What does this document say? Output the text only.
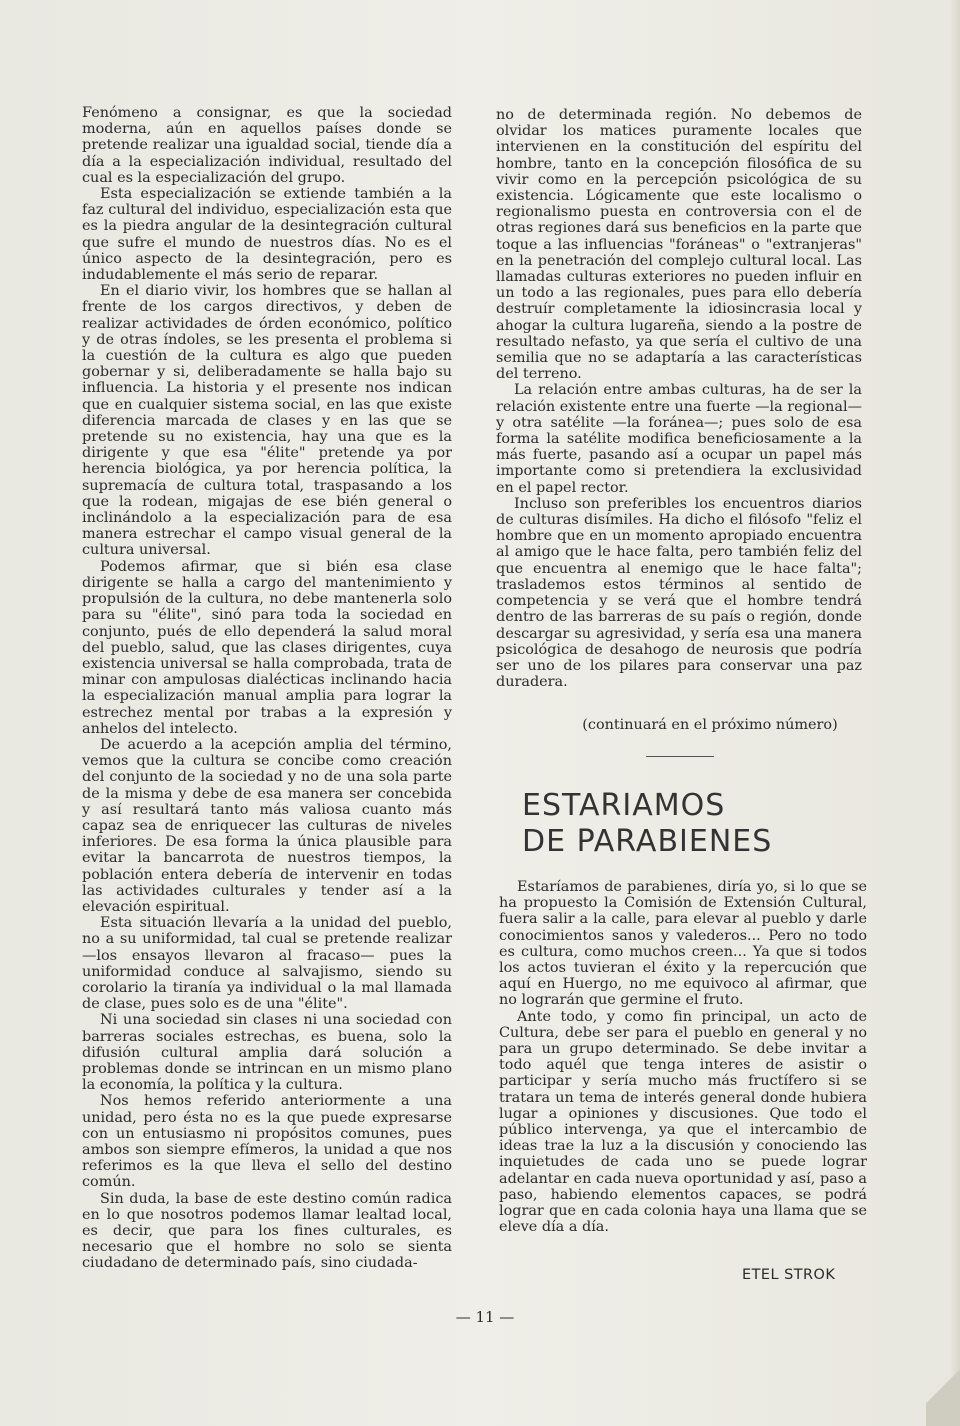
Fenómeno a consignar, es que la sociedad moderna, aún en aquellos países donde se pretende realizar una igualdad social, tiende día a día a la especialización individual, resultado del cual es la especialización del grupo.

Esta especialización se extiende también a la faz cultural del individuo, especialización esta que es la piedra angular de la desintegración cultural que sufre el mundo de nuestros días. No es el único aspecto de la desintegración, pero es indudablemente el más serio de reparar.

En el diario vivir, los hombres que se hallan al frente de los cargos directivos, y deben de realizar actividades de órden económico, político y de otras índoles, se les presenta el problema si la cuestión de la cultura es algo que pueden gobernar y si, deliberadamente se halla bajo su influencia. La historia y el presente nos indican que en cualquier sistema social, en las que existe diferencia marcada de clases y en las que se pretende su no existencia, hay una que es la dirigente y que esa "élite" pretende ya por herencia biológica, ya por herencia política, la supremacía de cultura total, traspasando a los que la rodean, migajas de ese bién general o inclinándolo a la especialización para de esa manera estrechar el campo visual general de la cultura universal.

Podemos afirmar, que si bién esa clase dirigente se halla a cargo del mantenimiento y propulsión de la cultura, no debe mantenerla solo para su "élite", sinó para toda la sociedad en conjunto, pués de ello dependerá la salud moral del pueblo, salud, que las clases dirigentes, cuya existencia universal se halla comprobada, trata de minar con ampulosas dialécticas inclinando hacia la especialización manual amplia para lograr la estrechez mental por trabas a la expresión y anhelos del intelecto.

De acuerdo a la acepción amplia del término, vemos que la cultura se concibe como creación del conjunto de la sociedad y no de una sola parte de la misma y debe de esa manera ser concebida y así resultará tanto más valiosa cuanto más capaz sea de enriquecer las culturas de niveles inferiores. De esa forma la única plausible para evitar la bancarrota de nuestros tiempos, la población entera debería de intervenir en todas las actividades culturales y tender así a la elevación espiritual.

Esta situación llevaría a la unidad del pueblo, no a su uniformidad, tal cual se pretende realizar —los ensayos llevaron al fracaso— pues la uniformidad conduce al salvajismo, siendo su corolario la tiranía ya individual o la mal llamada de clase, pues solo es de una "élite".

Ni una sociedad sin clases ni una sociedad con barreras sociales estrechas, es buena, solo la difusión cultural amplia dará solución a problemas donde se intrincan en un mismo plano la economía, la política y la cultura.

Nos hemos referido anteriormente a una unidad, pero ésta no es la que puede expresarse con un entusiasmo ni propósitos comunes, pues ambos son siempre efímeros, la unidad a que nos referimos es la que lleva el sello del destino común.

Sin duda, la base de este destino común radica en lo que nosotros podemos llamar lealtad local, es decir, que para los fines culturales, es necesario que el hombre no solo se sienta ciudadano de determinado país, sino ciudada-

no de determinada región. No debemos de olvidar los matices puramente locales que intervienen en la constitución del espíritu del hombre, tanto en la concepción filosófica de su vivir como en la percepción psicológica de su existencia. Lógicamente que este localismo o regionalismo puesta en controversia con el de otras regiones dará sus beneficios en la parte que toque a las influencias "foráneas" o "extranjeras" en la penetración del complejo cultural local. Las llamadas culturas exteriores no pueden influir en un todo a las regionales, pues para ello debería destruír completamente la idiosincrasia local y ahogar la cultura lugareña, siendo a la postre de resultado nefasto, ya que sería el cultivo de una semilia que no se adaptaría a las características del terreno.

La relación entre ambas culturas, ha de ser la relación existente entre una fuerte —la regional— y otra satélite —la foránea—; pues solo de esa forma la satélite modifica beneficiosamente a la más fuerte, pasando así a ocupar un papel más importante como si pretendiera la exclusividad en el papel rector.

Incluso son preferibles los encuentros diarios de culturas disímiles. Ha dicho el filósofo "feliz el hombre que en un momento apropiado encuentra al amigo que le hace falta, pero también feliz del que encuentra al enemigo que le hace falta"; traslademos estos términos al sentido de competencia y se verá que el hombre tendrá dentro de las barreras de su país o región, donde descargar su agresividad, y sería esa una manera psicológica de desahogo de neurosis que podría ser uno de los pilares para conservar una paz duradera.

(continuará en el próximo número)
ESTARIAMOS
DE PARABIENES

Estaríamos de parabienes, diría yo, si lo que se ha propuesto la Comisión de Extensión Cultural, fuera salir a la calle, para elevar al pueblo y darle conocimientos sanos y valederos... Pero no todo es cultura, como muchos creen... Ya que si todos los actos tuvieran el éxito y la repercución que aquí en Huergo, no me equivoco al afirmar, que no lograrán que germine el fruto.

Ante todo, y como fin principal, un acto de Cultura, debe ser para el pueblo en general y no para un grupo determinado. Se debe invitar a todo aquél que tenga interes de asistir o participar y sería mucho más fructífero si se tratara un tema de interés general donde hubiera lugar a opiniones y discusiones. Que todo el público intervenga, ya que el intercambio de ideas trae la luz a la discusión y conociendo las inquietudes de cada uno se puede lograr adelantar en cada nueva oportunidad y así, paso a paso, habiendo elementos capaces, se podrá lograr que en cada colonia haya una llama que se eleve día a día.

ETEL STROK
— 11 —
